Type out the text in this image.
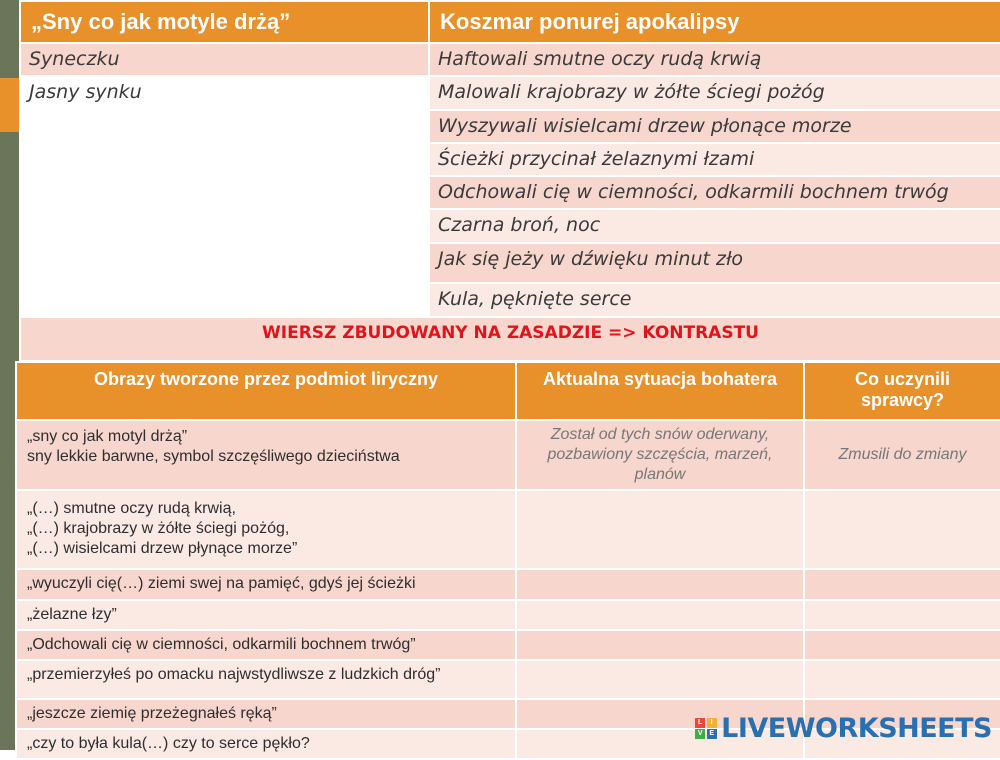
„Sny co jak motyle drżą”	Koszmar ponurej apokalipsy
Syneczku	Haftowali smutne oczy rudą krwią
Jasny synku	Malowali krajobrazy w żółte ściegi pożóg
	Wyszywali wisielcami drzew płonące morze
	Ścieżki przycinał żelaznymi łzami
	Odchowali cię w ciemności, odkarmili bochnem trwóg
	Czarna broń, noc
	Jak się jeży w dźwięku minut zło
	Kula, pęknięte serce
WIERSZ ZBUDOWANY NA ZASADZIE => KONTRASTU	
Obrazy tworzone przez podmiot liryczny	Aktualna sytuacja bohatera	Co uczynili sprawcy?

„sny co jak motyl drżą”
sny lekkie barwne, symbol szczęśliwego dzieciństwa	Został od tych snów oderwany, pozbawiony szczęścia, marzeń, planów	Zmusili do zmiany

„(…) smutne oczy rudą krwią,
„(…) krajobrazy w żółte ściegi pożóg,
„(…) wisielcami drzew płynące morze”		

„wyuczyli cię(…) ziemi swej na pamięć, gdyś jej ścieżki		

„żelazne łzy”		

„Odchowali cię w ciemności, odkarmili bochnem trwóg”		

„przemierzyłeś po omacku najwstydliwsze z ludzkich dróg”		

„jeszcze ziemię przeżegnałeś ręką”		

„czy to była kula(…) czy to serce pękło?		

L	I
V E LIVEWORKSHEETS
